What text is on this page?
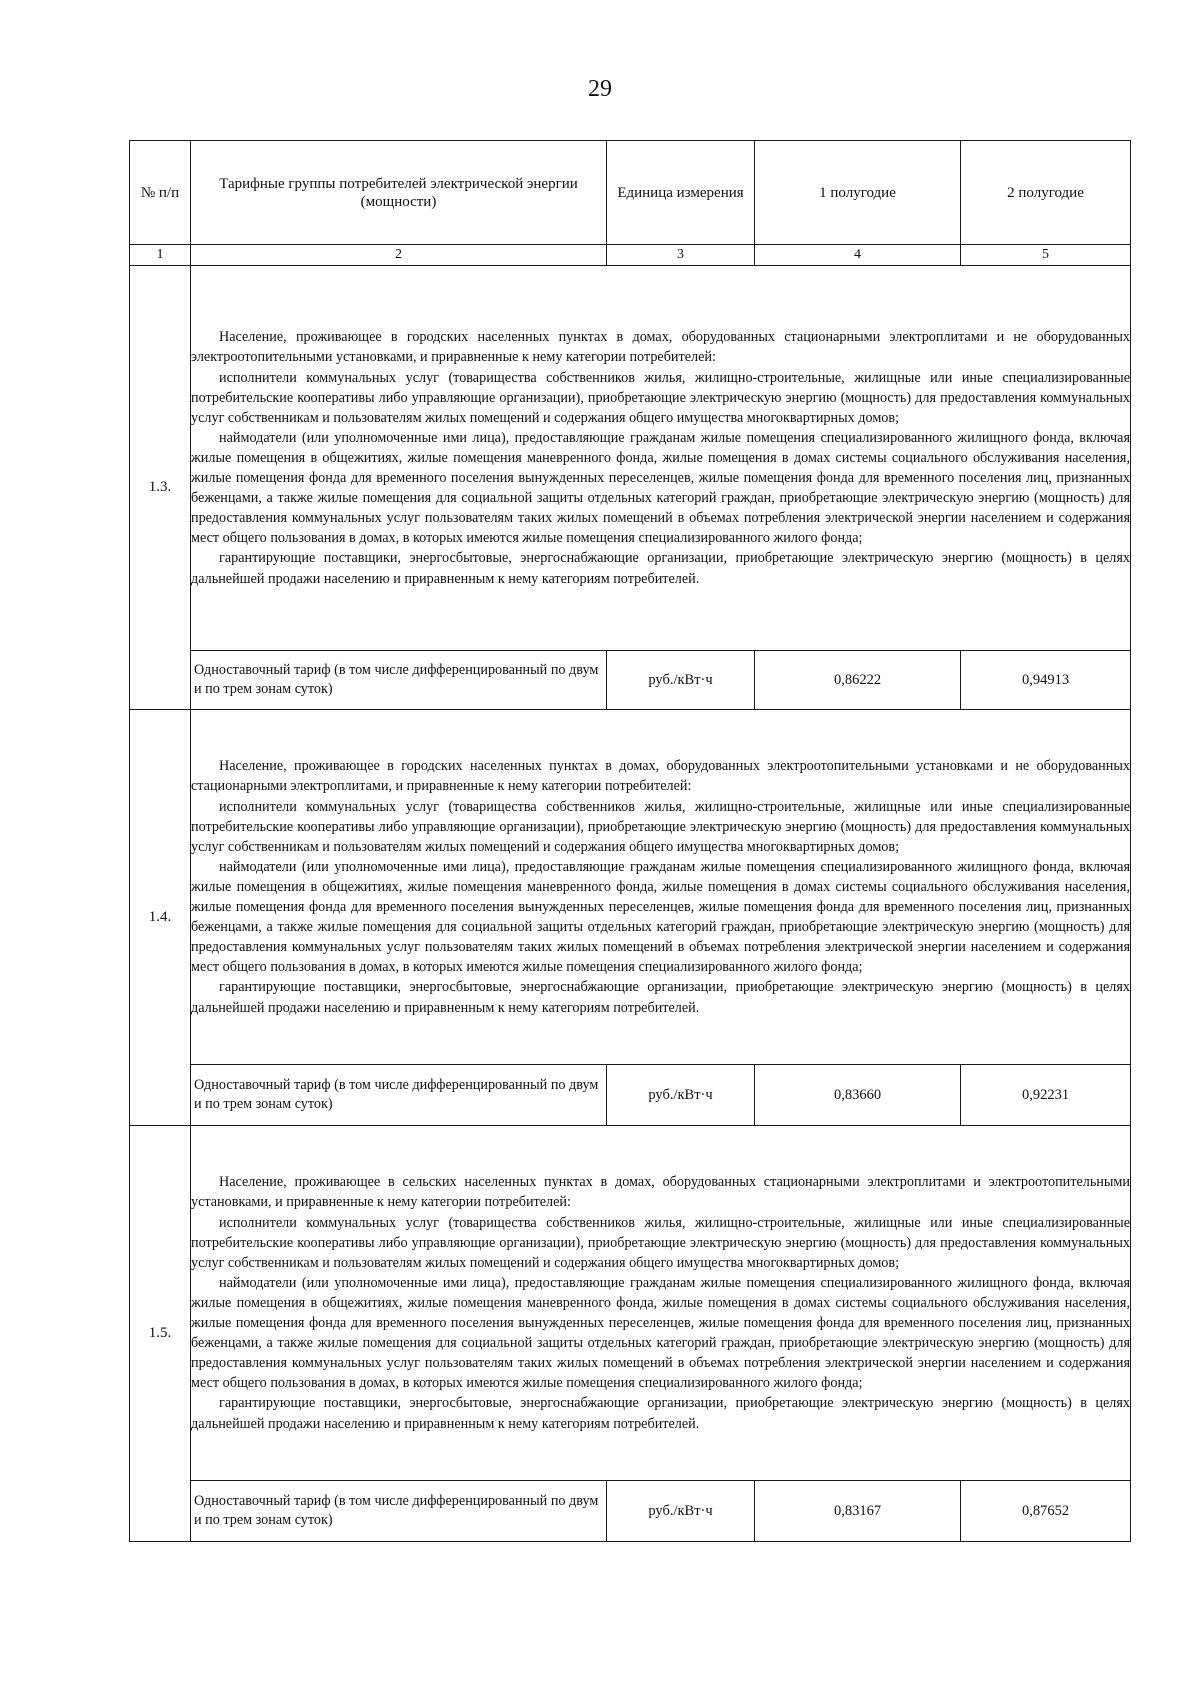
29
№ п/п	Тарифные группы потребителей электрической энергии (мощности)	Единица измерения	1 полугодие	2 полугодие
1	2	3	4	5
1.3.	Население, проживающее в городских населенных пунктах в домах, оборудованных стационарными электроплитами и не оборудованных электроотопительными установками, и приравненные к нему категории потребителей:

исполнители коммунальных услуг (товарищества собственников жилья, жилищно-строительные, жилищные или иные специализированные потребительские кооперативы либо управляющие организации), приобретающие электрическую энергию (мощность) для предоставления коммунальных услуг собственникам и пользователям жилых помещений и содержания общего имущества многоквартирных домов;

наймодатели (или уполномоченные ими лица), предоставляющие гражданам жилые помещения специализированного жилищного фонда, включая жилые помещения в общежитиях, жилые помещения маневренного фонда, жилые помещения в домах системы социального обслуживания населения, жилые помещения фонда для временного поселения вынужденных переселенцев, жилые помещения фонда для временного поселения лиц, признанных беженцами, а также жилые помещения для социальной защиты отдельных категорий граждан, приобретающие электрическую энергию (мощность) для предоставления коммунальных услуг пользователям таких жилых помещений в объемах потребления электрической энергии населением и содержания мест общего пользования в домах, в которых имеются жилые помещения специализированного жилого фонда;

гарантирующие поставщики, энергосбытовые, энергоснабжающие организации, приобретающие электрическую энергию (мощность) в целях дальнейшей продажи населению и приравненным к нему категориям потребителей.			

	Одноставочный тариф (в том числе дифференцированный по двум и по трем зонам суток)	руб./кВт·ч	0,86222	0,94913
1.4.	Население, проживающее в городских населенных пунктах в домах, оборудованных электроотопительными установками и не оборудованных стационарными электроплитами, и приравненные к нему категории потребителей:

исполнители коммунальных услуг (товарищества собственников жилья, жилищно-строительные, жилищные или иные специализированные потребительские кооперативы либо управляющие организации), приобретающие электрическую энергию (мощность) для предоставления коммунальных услуг собственникам и пользователям жилых помещений и содержания общего имущества многоквартирных домов;

наймодатели (или уполномоченные ими лица), предоставляющие гражданам жилые помещения специализированного жилищного фонда, включая жилые помещения в общежитиях, жилые помещения маневренного фонда, жилые помещения в домах системы социального обслуживания населения, жилые помещения фонда для временного поселения вынужденных переселенцев, жилые помещения фонда для временного поселения лиц, признанных беженцами, а также жилые помещения для социальной защиты отдельных категорий граждан, приобретающие электрическую энергию (мощность) для предоставления коммунальных услуг пользователям таких жилых помещений в объемах потребления электрической энергии населением и содержания мест общего пользования в домах, в которых имеются жилые помещения специализированного жилого фонда;

гарантирующие поставщики, энергосбытовые, энергоснабжающие организации, приобретающие электрическую энергию (мощность) в целях дальнейшей продажи населению и приравненным к нему категориям потребителей.			

	Одноставочный тариф (в том числе дифференцированный по двум и по трем зонам суток)	руб./кВт·ч	0,83660	0,92231
1.5.	Население, проживающее в сельских населенных пунктах в домах, оборудованных стационарными электроплитами и электроотопительными установками, и приравненные к нему категории потребителей:

исполнители коммунальных услуг (товарищества собственников жилья, жилищно-строительные, жилищные или иные специализированные потребительские кооперативы либо управляющие организации), приобретающие электрическую энергию (мощность) для предоставления коммунальных услуг собственникам и пользователям жилых помещений и содержания общего имущества многоквартирных домов;

наймодатели (или уполномоченные ими лица), предоставляющие гражданам жилые помещения специализированного жилищного фонда, включая жилые помещения в общежитиях, жилые помещения маневренного фонда, жилые помещения в домах системы социального обслуживания населения, жилые помещения фонда для временного поселения вынужденных переселенцев, жилые помещения фонда для временного поселения лиц, признанных беженцами, а также жилые помещения для социальной защиты отдельных категорий граждан, приобретающие электрическую энергию (мощность) для предоставления коммунальных услуг пользователям таких жилых помещений в объемах потребления электрической энергии населением и содержания мест общего пользования в домах, в которых имеются жилые помещения специализированного жилого фонда;

гарантирующие поставщики, энергосбытовые, энергоснабжающие организации, приобретающие электрическую энергию (мощность) в целях дальнейшей продажи населению и приравненным к нему категориям потребителей.			

	Одноставочный тариф (в том числе дифференцированный по двум и по трем зонам суток)	руб./кВт·ч	0,83167	0,87652
